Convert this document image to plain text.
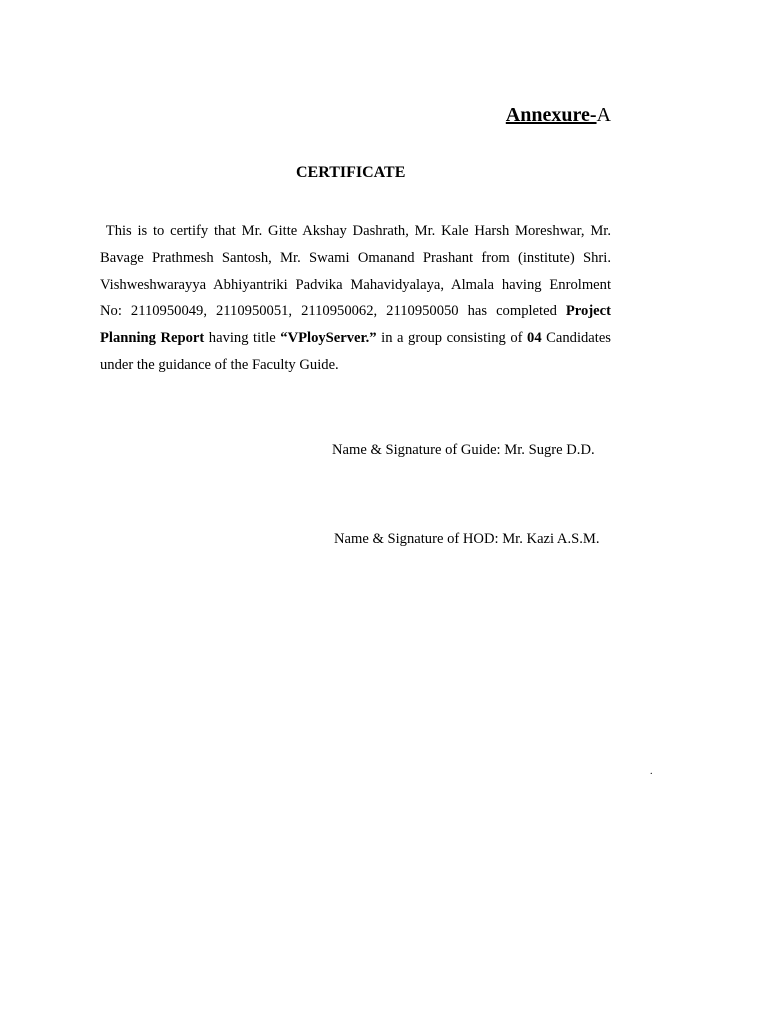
Annexure-A
CERTIFICATE

This is to certify that Mr. Gitte Akshay Dashrath, Mr. Kale Harsh Moreshwar, Mr. Bavage Prathmesh Santosh, Mr. Swami Omanand Prashant from (institute) Shri. Vishweshwarayya Abhiyantriki Padvika Mahavidyalaya, Almala having Enrolment No: 2110950049, 2110950051, 2110950062, 2110950050 has completed Project Planning Report having title “VPloyServer.” in a group consisting of 04 Candidates under the guidance of the Faculty Guide.

Name & Signature of Guide: Mr. Sugre D.D.
Name & Signature of HOD: Mr. Kazi A.S.M.
.
